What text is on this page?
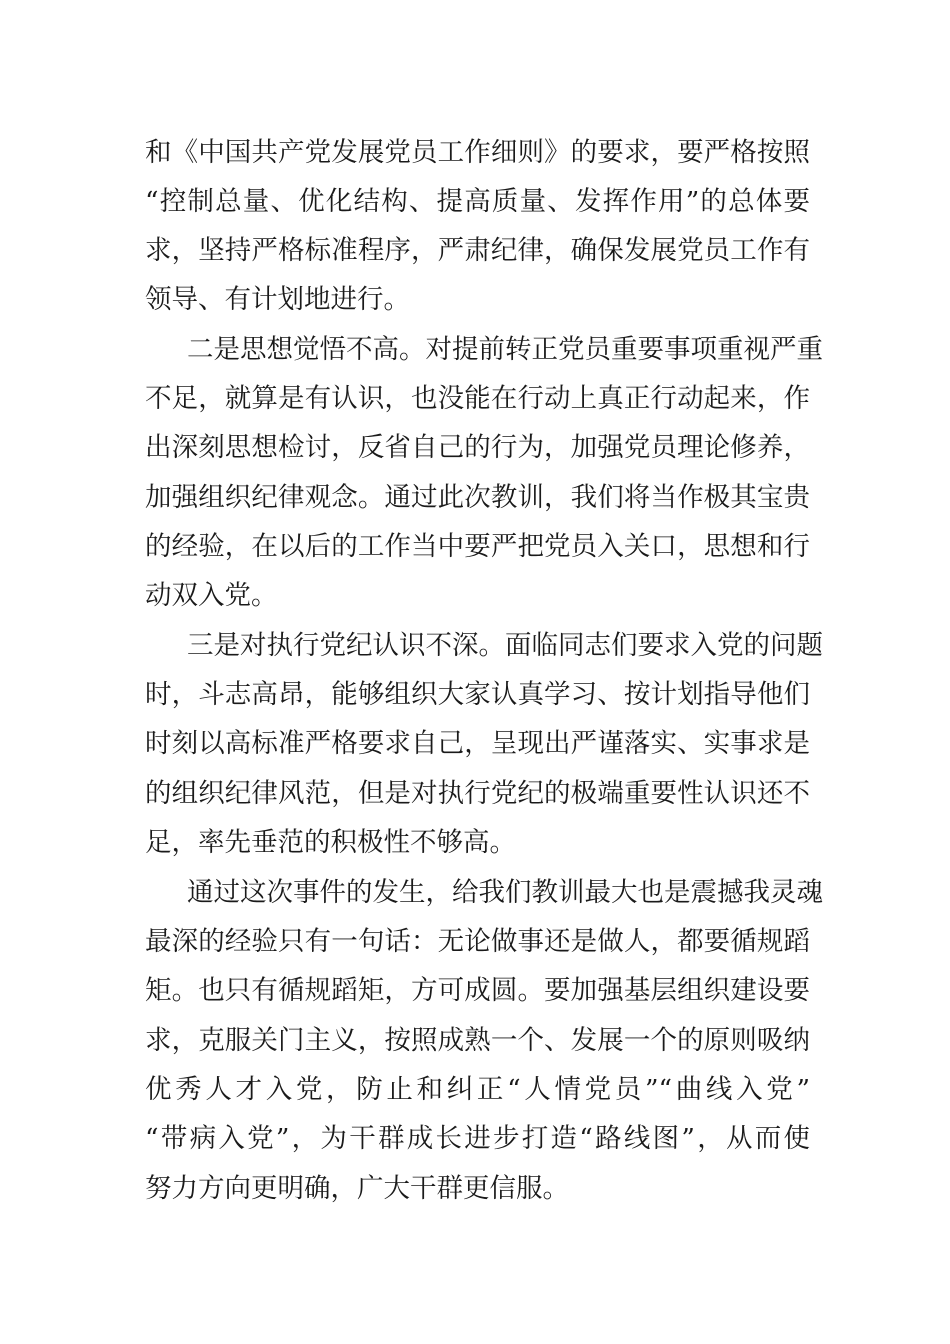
和《中国共产党发展党员工作细则》的要求，要严格按照
“控制总量、优化结构、提高质量、发挥作用”的总体要
求，坚持严格标准程序，严肃纪律，确保发展党员工作有
领导、有计划地进行。
二是思想觉悟不高。对提前转正党员重要事项重视严重
不足，就算是有认识，也没能在行动上真正行动起来，作
出深刻思想检讨，反省自己的行为，加强党员理论修养，
加强组织纪律观念。通过此次教训，我们将当作极其宝贵
的经验，在以后的工作当中要严把党员入关口，思想和行
动双入党。
三是对执行党纪认识不深。面临同志们要求入党的问题
时，斗志高昂，能够组织大家认真学习、按计划指导他们
时刻以高标准严格要求自己，呈现出严谨落实、实事求是
的组织纪律风范，但是对执行党纪的极端重要性认识还不
足，率先垂范的积极性不够高。
通过这次事件的发生，给我们教训最大也是震撼我灵魂
最深的经验只有一句话：无论做事还是做人，都要循规蹈
矩。也只有循规蹈矩，方可成圆。要加强基层组织建设要
求，克服关门主义，按照成熟一个、发展一个的原则吸纳
优秀人才入党，防止和纠正“人情党员”“曲线入党”
“带病入党”，为干群成长进步打造“路线图”，从而使
努力方向更明确，广大干群更信服。
